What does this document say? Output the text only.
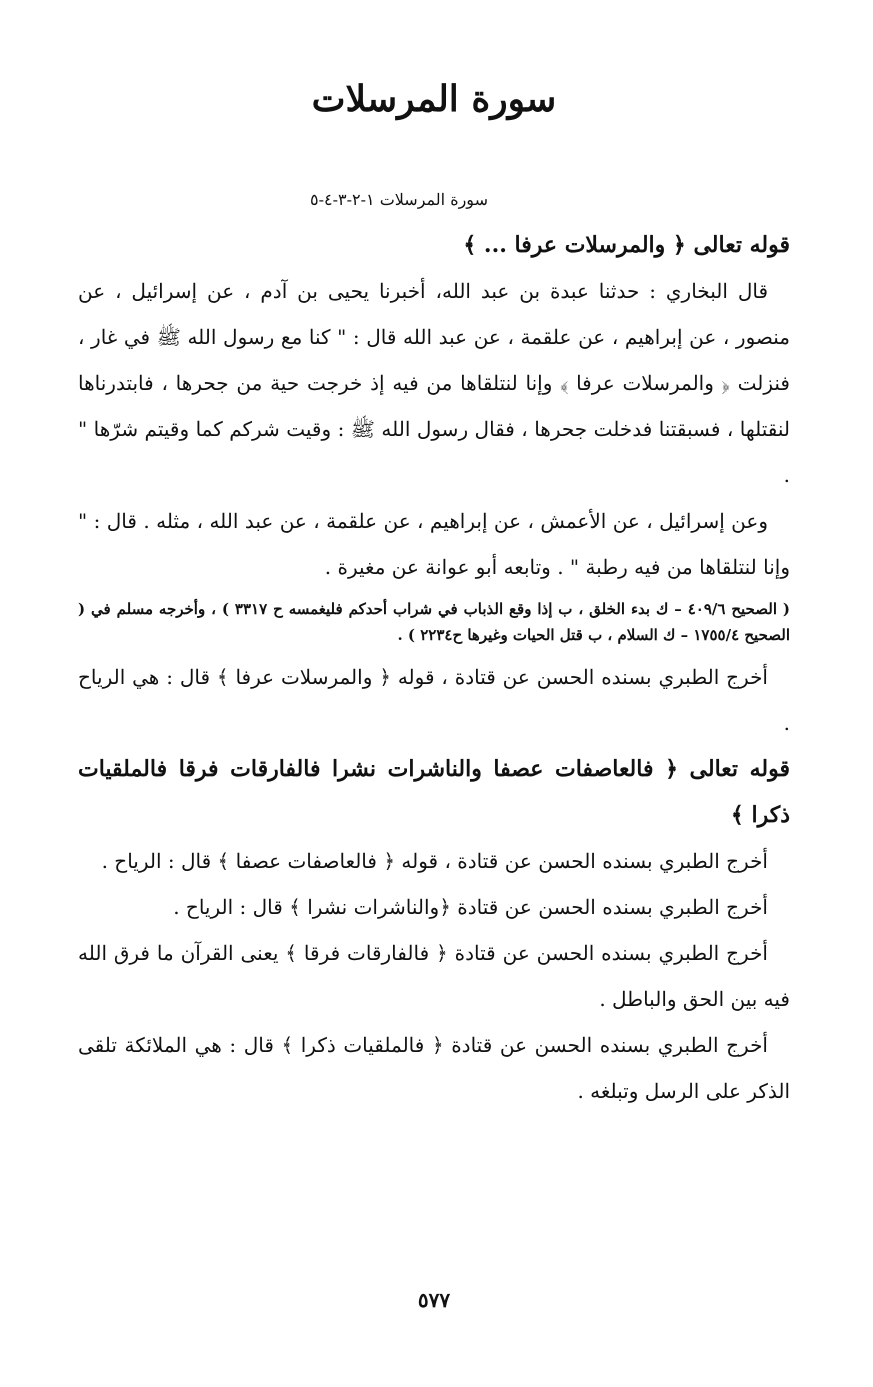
سورة المرسلات

سورة المرسلات ١-٢-٣-٤-٥

قوله تعالى ﴿ والمرسلات عرفا ... ﴾

قال البخاري : حدثنا عبدة بن عبد الله، أخبرنا يحيى بن آدم ، عن إسرائيل ، عن منصور ، عن إبراهيم ، عن علقمة ، عن عبد الله قال : " كنا مع رسول الله ﷺ في غار ، فنزلت ﴿ والمرسلات عرفا ﴾ وإنا لنتلقاها من فيه إذ خرجت حية من جحرها ، فابتدرناها لنقتلها ، فسبقتنا فدخلت جحرها ، فقال رسول الله ﷺ : وقيت شركم كما وقيتم شرّها " .

وعن إسرائيل ، عن الأعمش ، عن إبراهيم ، عن علقمة ، عن عبد الله ، مثله . قال : " وإنا لنتلقاها من فيه رطبة " . وتابعه أبو عوانة عن مغيرة .

( الصحيح ٤٠٩/٦ – ك بدء الخلق ، ب إذا وقع الذباب في شراب أحدكم فليغمسه ح ٣٣١٧ ) ، وأخرجه مسلم في ( الصحيح ١٧٥٥/٤ – ك السلام ، ب قتل الحيات وغيرها ح٢٢٣٤ ) .

أخرج الطبري بسنده الحسن عن قتادة ، قوله ﴿ والمرسلات عرفا ﴾ قال : هي الرياح .

قوله تعالى ﴿ فالعاصفات عصفا والناشرات نشرا فالفارقات فرقا فالملقيات ذكرا ﴾

أخرج الطبري بسنده الحسن عن قتادة ، قوله ﴿ فالعاصفات عصفا ﴾ قال : الرياح .

أخرج الطبري بسنده الحسن عن قتادة ﴿والناشرات نشرا ﴾ قال : الرياح .

أخرج الطبري بسنده الحسن عن قتادة ﴿ فالفارقات فرقا ﴾ يعنى القرآن ما فرق الله فيه بين الحق والباطل .

أخرج الطبري بسنده الحسن عن قتادة ﴿ فالملقيات ذكرا ﴾ قال : هي الملائكة تلقى الذكر على الرسل وتبلغه .

٥٧٧
